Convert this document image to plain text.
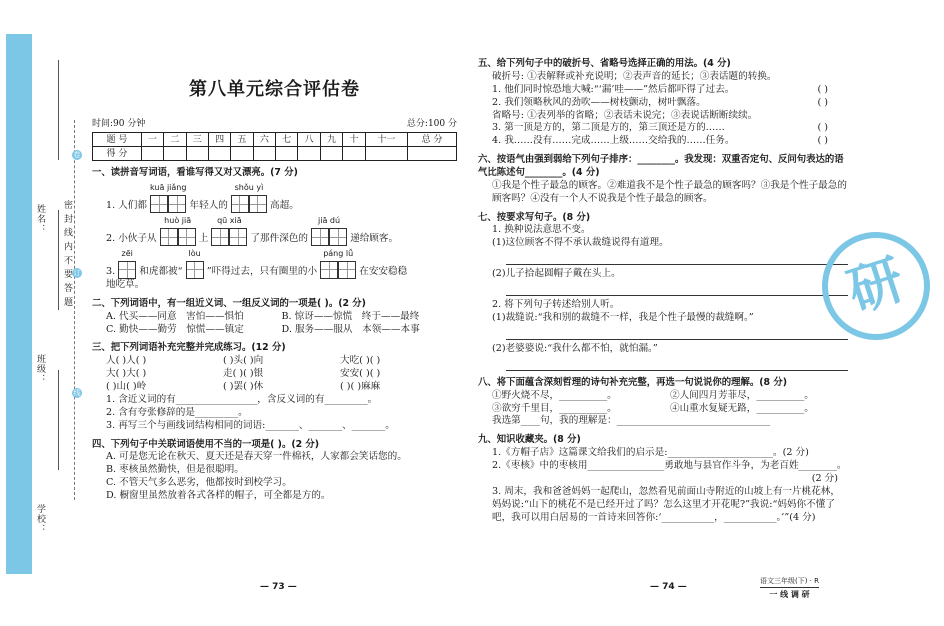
姓名：
班级：
学校：
密 封 线 内 不 要 答 题
卷
订
线
第八单元综合评估卷
时间:90 分钟	总分:100 分
题 号	一	二	三	四	五	六	七	八	九	十	十一	总 分
得 分												
一、读拼音写词语，看谁写得又对又漂亮。(7 分)
1. 人们都 kuā jiǎng
年轻人的 shǒu yì
高超。
2. 小伙子从 huò jiā
上 qū xiā
了那件深色的 jiā dú
递给顾客。
3. zēi
和虎都被“ lòu
”吓得过去，只有圈里的小 páng lǚ
在安安稳稳
地吃草。
二、下列词语中，有一组近义词、一组反义词的一项是( )。(2 分)
A. 代买——同意　害怕——惧怕	B. 惊讶——惊慌　终于——最终
C. 勤快——勤劳　惊慌——镇定	D. 服务——服从　本领——本事
三、把下列词语补充完整并完成练习。(12 分)
人( )人( )	( )头( )向	大吃( )( )
大( )大( )	走( )( )银	安安( )( )
( )山( )岭	( )罢( )休	( )( )麻麻
1. 含近义词的有_________________，含反义词的有_________。
2. 含有夸张修辞的是_________。
3. 再写三个与画线词结构相同的词语:_______、_______、_______。
四、下列句子中关联词语使用不当的一项是( )。(2 分)
A. 可是您无论在秋天、夏天还是春天穿一件棉袄，人家都会笑话您的。
B. 枣核虽然勤快，但是很聪明。
C. 不管天气多么恶劣，他都按时到校学习。
D. 橱窗里虽然放着各式各样的帽子，可全都是方的。
— 73 —
五、给下列句子中的破折号、省略号选择正确的用法。(4 分)
破折号: ①表解释或补充说明；②表声音的延长；③表话题的转换。
1. 他们同时惊恐地大喊:“‘漏’哇——”然后都吓得了过去。	( )
2. 我们领略秋风的劲吹——树枝颤动，树叶飘落。	( )
省略号: ①表列举的省略；②表话未说完；③表说话断断续续。
3. 第一顶是方的，第二顶是方的，第三顶还是方的……	( )
4. 我……没有……完成……上级……交给我的……任务。	( )
六、按语气由强到弱给下列句子排序：________。我发现：双重否定句、反问句表达的语气比陈述句________。(4 分)
①我是个性子最急的顾客。②难道我不是个性子最急的顾客吗？③我是个性子最急的顾客吗？④没有一个人不说我是个性子最急的顾客。
七、按要求写句子。(8 分)
1. 换种说法意思不变。
(1)这位顾客不得不承认裁缝说得有道理。
(2)儿子拾起圆帽子戴在头上。
2. 将下列句子转述给别人听。
(1)裁缝说:“我和别的裁缝不一样，我是个性子最慢的裁缝啊。”
(2)老婆婆说:“我什么都不怕，就怕漏。”
八、将下面蕴含深刻哲理的诗句补充完整，再选一句说说你的理解。(8 分)
①野火烧不尽，__________。	②人间四月芳菲尽，__________。
③欲穷千里目，__________。	④山重水复疑无路，__________。
我选第____句，我的理解是：________________________________
九、知识收藏夹。(8 分)
1.《方帽子店》这篇课文给我们的启示是:______________________。(2 分)
2.《枣核》中的枣核用________________勇敢地与县官作斗争，为老百姓________。
(2 分)
3. 周末，我和爸爸妈妈一起爬山，忽然看见前面山寺附近的山坡上有一片桃花林，妈妈说:“山下的桃花不是已经开过了吗？怎么这里才开花呢?”我说:“妈妈你不懂了吧，我可以用白居易的一首诗来回答你:‘___________，___________。’”(4 分)
— 74 —
语文三年级(下) · R
一 线 调 研
研
